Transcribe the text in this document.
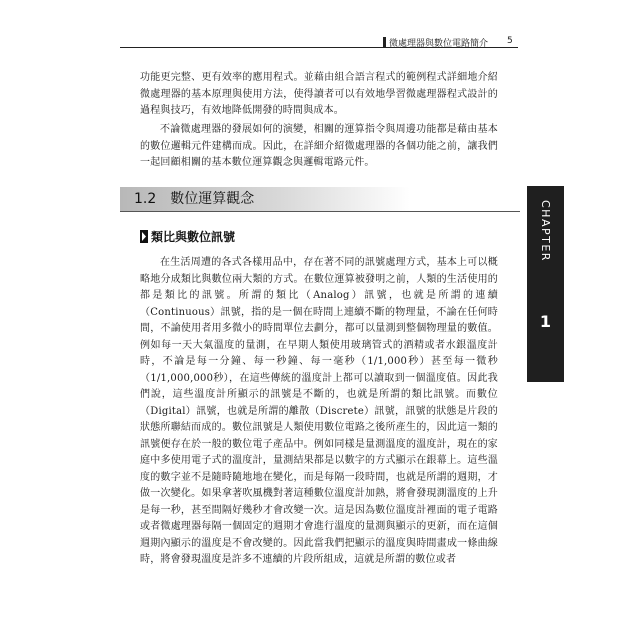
微處理器與數位電路簡介 5
功能更完整、更有效率的應用程式。並藉由組合語言程式的範例程式詳細地介紹微處理器的基本原理與使用方法，使得讀者可以有效地學習微處理器程式設計的過程與技巧，有效地降低開發的時間與成本。
不論微處理器的發展如何的演變，相關的運算指令與周邊功能都是藉由基本的數位邏輯元件建構而成。因此，在詳細介紹微處理器的各個功能之前，讓我們一起回顧相關的基本數位運算觀念與邏輯電路元件。
1.2 數位運算觀念
類比與數位訊號
在生活周遭的各式各樣用品中，存在著不同的訊號處理方式，基本上可以概略地分成類比與數位兩大類的方式。在數位運算被發明之前，人類的生活使用的都是類比的訊號。所謂的類比（Analog）訊號，也就是所謂的連續（Continuous）訊號，指的是一個在時間上連續不斷的物理量，不論在任何時間，不論使用者用多微小的時間單位去劃分，都可以量測到整個物理量的數值。例如每一天大氣溫度的量測，在早期人類使用玻璃管式的酒精或者水銀溫度計時，不論是每一分鐘、每一秒鐘、每一毫秒（1/1,000秒）甚至每一微秒（1/1,000,000秒），在這些傳統的溫度計上都可以讀取到一個溫度值。因此我們說，這些溫度計所顯示的訊號是不斷的，也就是所謂的類比訊號。而數位（Digital）訊號，也就是所謂的離散（Discrete）訊號，訊號的狀態是片段的狀態所聯結而成的。數位訊號是人類使用數位電路之後所產生的，因此這一類的訊號便存在於一般的數位電子產品中。例如同樣是量測溫度的溫度計，現在的家庭中多使用電子式的溫度計，量測結果都是以數字的方式顯示在銀幕上。這些溫度的數字並不是隨時隨地地在變化，而是每隔一段時間，也就是所謂的週期，才做一次變化。如果拿著吹風機對著這種數位溫度計加熱，將會發現測溫度的上升是每一秒，甚至間隔好幾秒才會改變一次。這是因為數位溫度計裡面的電子電路或者微處理器每隔一個固定的週期才會進行溫度的量測與顯示的更新，而在這個週期內顯示的溫度是不會改變的。因此當我們把顯示的溫度與時間畫成一條曲線時，將會發現溫度是許多不連續的片段所組成，這就是所謂的數位或者
CHAPTER
1
